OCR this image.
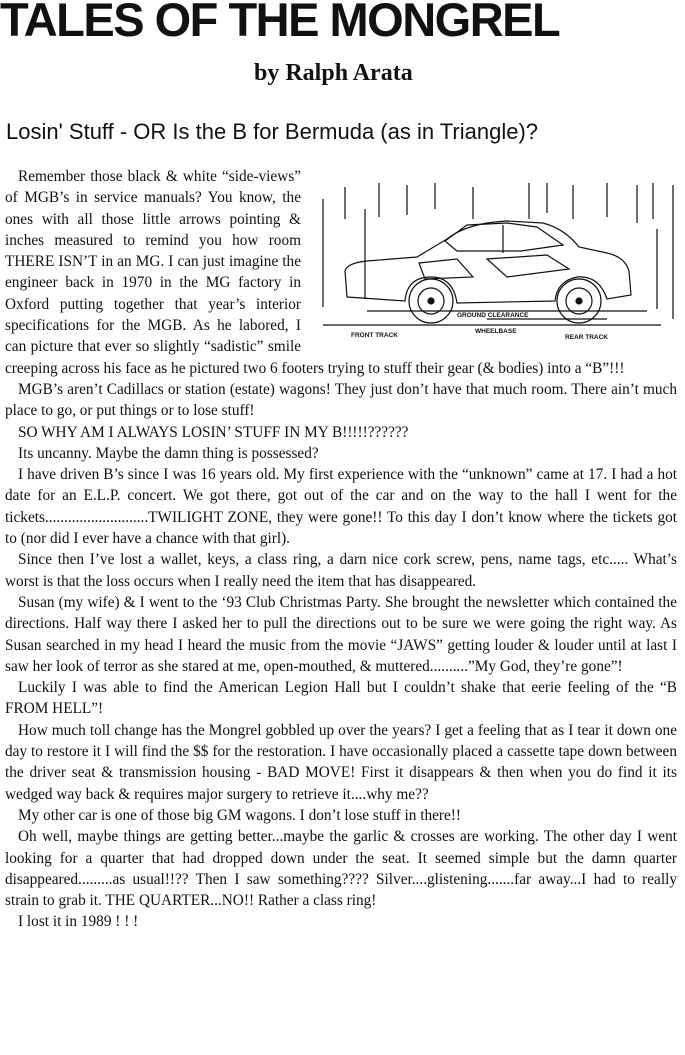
TALES OF THE MONGREL
by Ralph Arata
Losin' Stuff - OR Is the B for Bermuda (as in Triangle)?
FRONT TRACK
WHEELBASE
REAR TRACK
GROUND CLEARANCE

Remember those black & white “side-views” of MGB’s in service manuals? You know, the ones with all those little arrows pointing & inches measured to remind you how room THERE ISN’T in an MG. I can just imagine the engineer back in 1970 in the MG factory in Oxford putting together that year’s interior specifications for the MGB. As he labored, I can picture that ever so slightly “sadistic” smile creeping across his face as he pictured two 6 footers trying to stuff their gear (& bodies) into a “B”!!!

MGB’s aren’t Cadillacs or station (estate) wagons! They just don’t have that much room. There ain’t much place to go, or put things or to lose stuff!

SO WHY AM I ALWAYS LOSIN’ STUFF IN MY B!!!!!??????

Its uncanny. Maybe the damn thing is possessed?

I have driven B’s since I was 16 years old. My first experience with the “unknown” came at 17. I had a hot date for an E.L.P. concert. We got there, got out of the car and on the way to the hall I went for the tickets...........................TWILIGHT ZONE, they were gone!! To this day I don’t know where the tickets got to (nor did I ever have a chance with that girl).

Since then I’ve lost a wallet, keys, a class ring, a darn nice cork screw, pens, name tags, etc..... What’s worst is that the loss occurs when I really need the item that has disappeared.

Susan (my wife) & I went to the ‘93 Club Christmas Party. She brought the newsletter which contained the directions. Half way there I asked her to pull the directions out to be sure we were going the right way. As Susan searched in my head I heard the music from the movie “JAWS” getting louder & louder until at last I saw her look of terror as she stared at me, open-mouthed, & muttered..........”My God, they’re gone”!

Luckily I was able to find the American Legion Hall but I couldn’t shake that eerie feeling of the “B FROM HELL”!

How much toll change has the Mongrel gobbled up over the years? I get a feeling that as I tear it down one day to restore it I will find the $$ for the restoration. I have occasionally placed a cassette tape down between the driver seat & transmission housing - BAD MOVE! First it disappears & then when you do find it its wedged way back & requires major surgery to retrieve it....why me??

My other car is one of those big GM wagons. I don’t lose stuff in there!!

Oh well, maybe things are getting better...maybe the garlic & crosses are working. The other day I went looking for a quarter that had dropped down under the seat. It seemed simple but the damn quarter disappeared.........as usual!!?? Then I saw something???? Silver....glistening.......far away...I had to really strain to grab it. THE QUARTER...NO!! Rather a class ring!

I lost it in 1989 ! ! !
